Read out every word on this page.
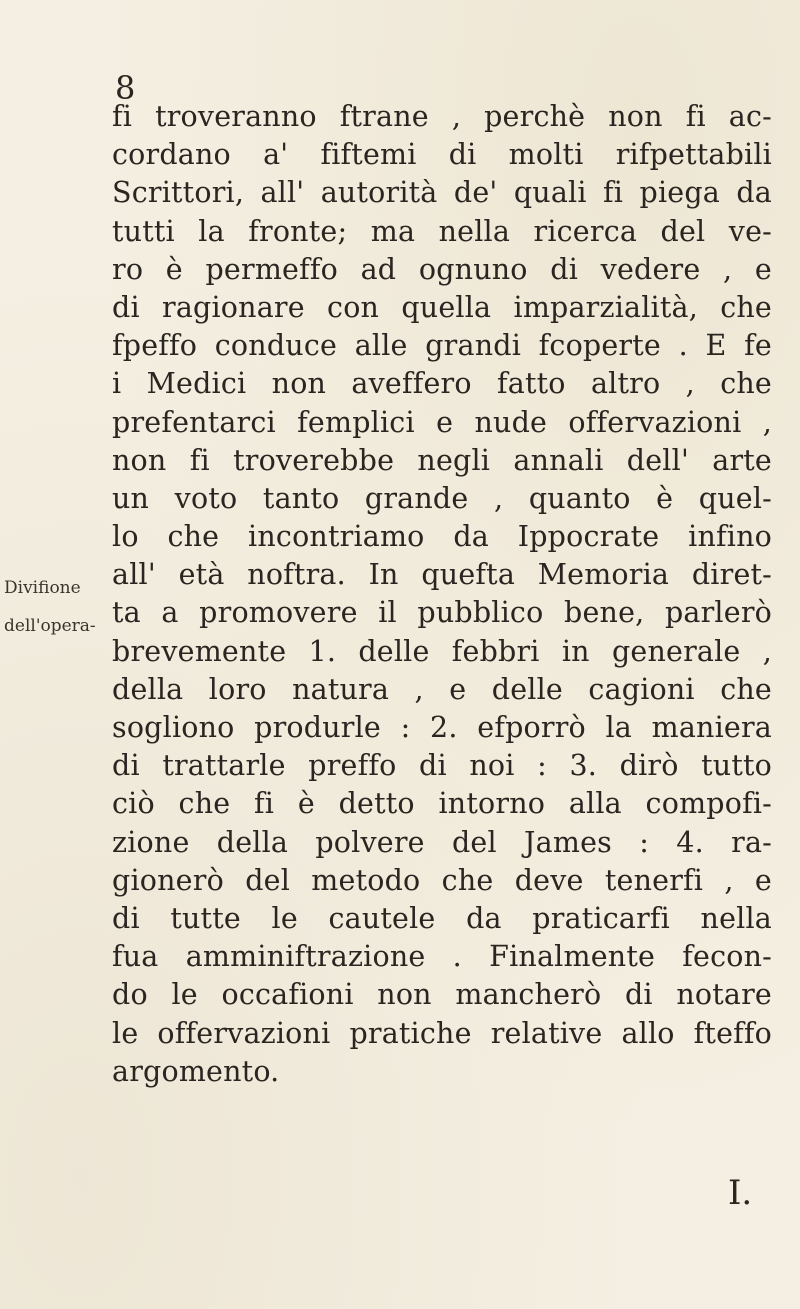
8
fi troveranno ftrane , perchè non fi ac-
cordano a' fiftemi di molti rifpettabili
Scrittori, all' autorità de' quali fi piega da
tutti la fronte; ma nella ricerca del ve-
ro è permeffo ad ognuno di vedere , e
di ragionare con quella imparzialità, che
fpeffo conduce alle grandi fcoperte . E fe
i Medici non aveffero fatto altro , che
prefentarci femplici e nude offervazioni ,
non fi troverebbe negli annali dell' arte
un voto tanto grande , quanto è quel-
lo che incontriamo da Ippocrate infino
all' età noftra. In quefta Memoria diret-
ta a promovere il pubblico bene, parlerò
brevemente 1. delle febbri in generale ,
della loro natura , e delle cagioni che
sogliono produrle : 2. efporrò la maniera
di trattarle preffo di noi : 3. dirò tutto
ciò che fi è detto intorno alla compofi-
zione della polvere del James : 4. ra-
gionerò del metodo che deve tenerfi , e
di tutte le cautele da praticarfi nella
fua amminiftrazione . Finalmente fecon-
do le occafioni non mancherò di notare
le offervazioni pratiche relative allo fteffo
argomento.
Divifione
dell'opera-
I.
